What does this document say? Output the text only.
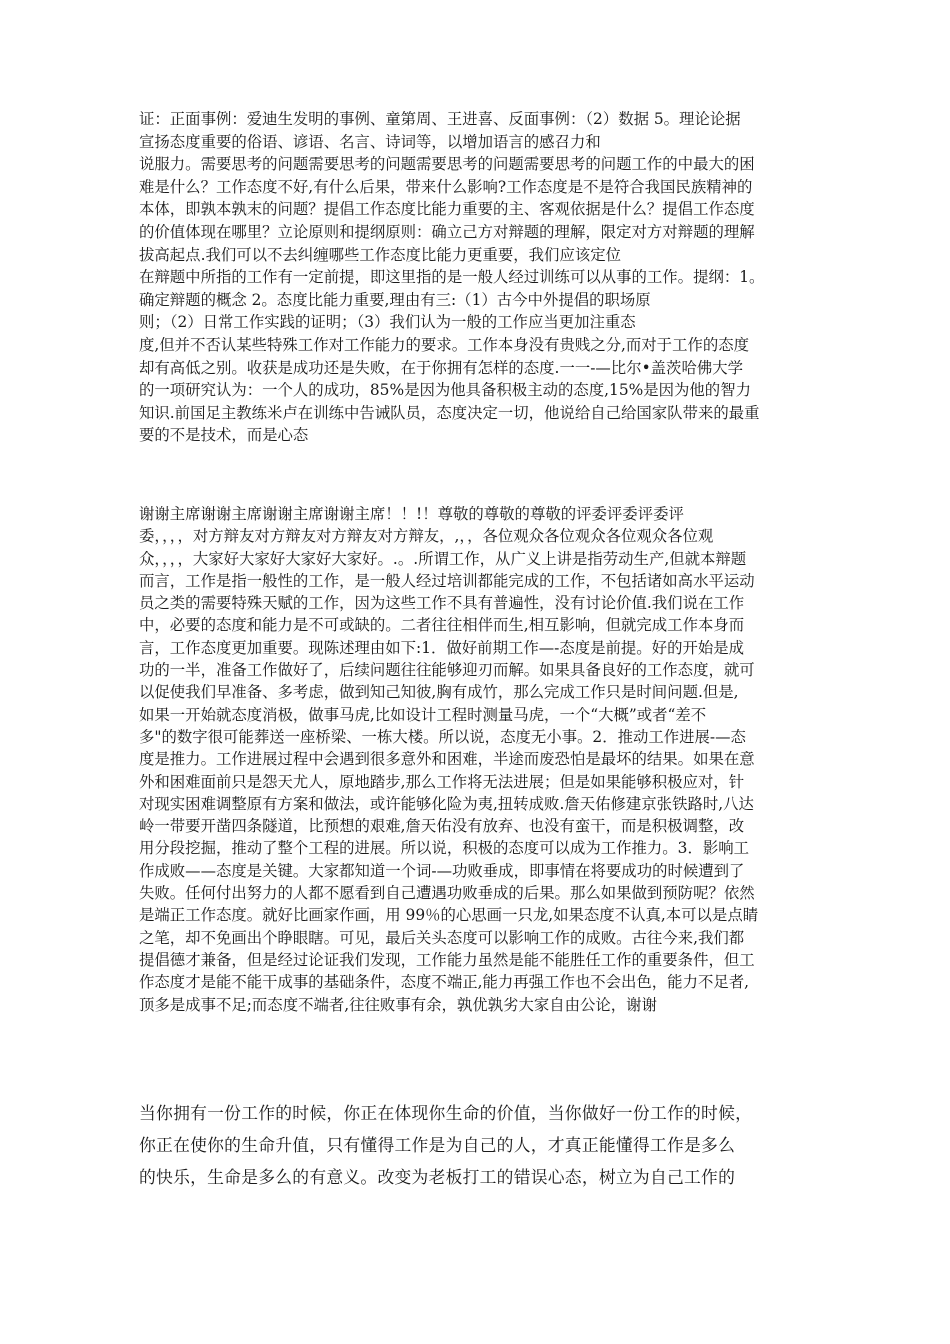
证：正面事例：爱迪生发明的事例、童第周、王进喜、反面事例：（2）数据 5。理论论据
宣扬态度重要的俗语、谚语、名言、诗词等，以增加语言的感召力和
说服力。需要思考的问题需要思考的问题需要思考的问题需要思考的问题工作的中最大的困
难是什么？工作态度不好,有什么后果，带来什么影响?工作态度是不是符合我国民族精神的
本体，即孰本孰末的问题？提倡工作态度比能力重要的主、客观依据是什么？提倡工作态度
的价值体现在哪里？立论原则和提纲原则：确立己方对辩题的理解，限定对方对辩题的理解
拔高起点.我们可以不去纠缠哪些工作态度比能力更重要，我们应该定位
在辩题中所指的工作有一定前提，即这里指的是一般人经过训练可以从事的工作。提纲：1。
确定辩题的概念 2。态度比能力重要,理由有三:（1）古今中外提倡的职场原
则；（2）日常工作实践的证明；（3）我们认为一般的工作应当更加注重态
度,但并不否认某些特殊工作对工作能力的要求。工作本身没有贵贱之分,而对于工作的态度
却有高低之别。收获是成功还是失败，在于你拥有怎样的态度.一一-—比尔•盖茨哈佛大学
的一项研究认为：一个人的成功，85%是因为他具备积极主动的态度,15%是因为他的智力
知识.前国足主教练米卢在训练中告诫队员，态度决定一切，他说给自己给国家队带来的最重
要的不是技术，而是心态
谢谢主席谢谢主席谢谢主席谢谢主席！！!！尊敬的尊敬的尊敬的评委评委评委评
委，，，，对方辩友对方辩友对方辩友对方辩友，,，，各位观众各位观众各位观众各位观
众，，，，大家好大家好大家好大家好。.。.所谓工作，从广义上讲是指劳动生产,但就本辩题
而言，工作是指一般性的工作，是一般人经过培训都能完成的工作，不包括诸如高水平运动
员之类的需要特殊天赋的工作，因为这些工作不具有普遍性，没有讨论价值.我们说在工作
中，必要的态度和能力是不可或缺的。二者往往相伴而生,相互影响，但就完成工作本身而
言，工作态度更加重要。现陈述理由如下:1．做好前期工作—-态度是前提。好的开始是成
功的一半，准备工作做好了，后续问题往往能够迎刃而解。如果具备良好的工作态度，就可
以促使我们早准备、多考虑，做到知己知彼,胸有成竹，那么完成工作只是时间问题.但是,
如果一开始就态度消极，做事马虎,比如设计工程时测量马虎，一个“大概”或者“差不
多"的数字很可能葬送一座桥梁、一栋大楼。所以说，态度无小事。2．推动工作进展-—态
度是推力。工作进展过程中会遇到很多意外和困难，半途而废恐怕是最坏的结果。如果在意
外和困难面前只是怨天尤人，原地踏步,那么工作将无法进展；但是如果能够积极应对，针
对现实困难调整原有方案和做法，或许能够化险为夷,扭转成败.詹天佑修建京张铁路时,八达
岭一带要开凿四条隧道，比预想的艰难,詹天佑没有放弃、也没有蛮干，而是积极调整，改
用分段挖掘，推动了整个工程的进展。所以说，积极的态度可以成为工作推力。3．影响工
作成败——态度是关键。大家都知道一个词-—功败垂成，即事情在将要成功的时候遭到了
失败。任何付出努力的人都不愿看到自己遭遇功败垂成的后果。那么如果做到预防呢？依然
是端正工作态度。就好比画家作画，用 99％的心思画一只龙,如果态度不认真,本可以是点睛
之笔，却不免画出个睁眼瞎。可见，最后关头态度可以影响工作的成败。古往今来,我们都
提倡德才兼备，但是经过论证我们发现，工作能力虽然是能不能胜任工作的重要条件，但工
作态度才是能不能干成事的基础条件，态度不端正,能力再强工作也不会出色，能力不足者,
顶多是成事不足;而态度不端者,往往败事有余，孰优孰劣大家自由公论，谢谢
当你拥有一份工作的时候，你正在体现你生命的价值，当你做好一份工作的时候，
你正在使你的生命升值，只有懂得工作是为自己的人，才真正能懂得工作是多么
的快乐，生命是多么的有意义。改变为老板打工的错误心态，树立为自己工作的
